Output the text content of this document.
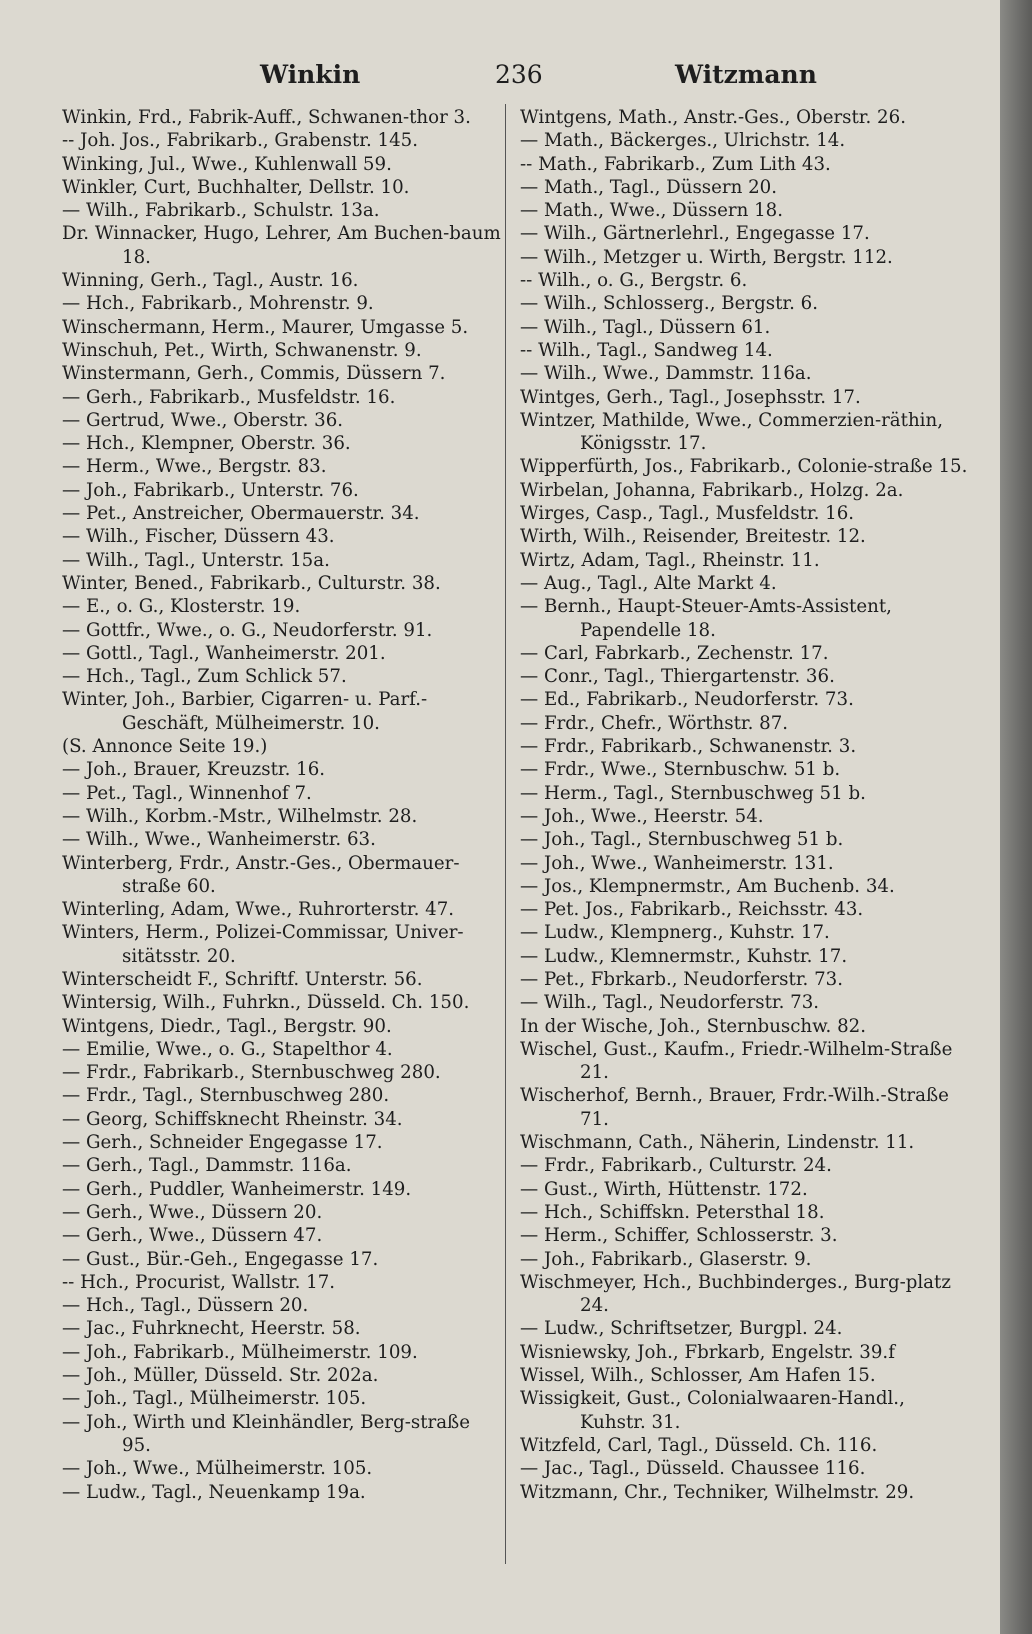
Winkin	236	Witzmann
Winkin, Frd., Fabrik-Auff., Schwanen-thor 3.
-- Joh. Jos., Fabrikarb., Grabenstr. 145.
Winking, Jul., Wwe., Kuhlenwall 59.
Winkler, Curt, Buchhalter, Dellstr. 10.
— Wilh., Fabrikarb., Schulstr. 13a.
Dr. Winnacker, Hugo, Lehrer, Am Buchen-baum 18.
Winning, Gerh., Tagl., Austr. 16.
— Hch., Fabrikarb., Mohrenstr. 9.
Winschermann, Herm., Maurer, Umgasse 5.
Winschuh, Pet., Wirth, Schwanenstr. 9.
Winstermann, Gerh., Commis, Düssern 7.
— Gerh., Fabrikarb., Musfeldstr. 16.
— Gertrud, Wwe., Oberstr. 36.
— Hch., Klempner, Oberstr. 36.
— Herm., Wwe., Bergstr. 83.
— Joh., Fabrikarb., Unterstr. 76.
— Pet., Anstreicher, Obermauerstr. 34.
— Wilh., Fischer, Düssern 43.
— Wilh., Tagl., Unterstr. 15a.
Winter, Bened., Fabrikarb., Culturstr. 38.
— E., o. G., Klosterstr. 19.
— Gottfr., Wwe., o. G., Neudorferstr. 91.
— Gottl., Tagl., Wanheimerstr. 201.
— Hch., Tagl., Zum Schlick 57.
Winter, Joh., Barbier, Cigarren- u. Parf.-Geschäft, Mülheimerstr. 10.
(S. Annonce Seite 19.)
— Joh., Brauer, Kreuzstr. 16.
— Pet., Tagl., Winnenhof 7.
— Wilh., Korbm.-Mstr., Wilhelmstr. 28.
— Wilh., Wwe., Wanheimerstr. 63.
Winterberg, Frdr., Anstr.-Ges., Obermauer-straße 60.
Winterling, Adam, Wwe., Ruhrorterstr. 47.
Winters, Herm., Polizei-Commissar, Univer-sitätsstr. 20.
Winterscheidt F., Schriftf. Unterstr. 56.
Wintersig, Wilh., Fuhrkn., Düsseld. Ch. 150.
Wintgens, Diedr., Tagl., Bergstr. 90.
— Emilie, Wwe., o. G., Stapelthor 4.
— Frdr., Fabrikarb., Sternbuschweg 280.
— Frdr., Tagl., Sternbuschweg 280.
— Georg, Schiffsknecht Rheinstr. 34.
— Gerh., Schneider Engegasse 17.
— Gerh., Tagl., Dammstr. 116a.
— Gerh., Puddler, Wanheimerstr. 149.
— Gerh., Wwe., Düssern 20.
— Gerh., Wwe., Düssern 47.
— Gust., Bür.-Geh., Engegasse 17.
-- Hch., Procurist, Wallstr. 17.
— Hch., Tagl., Düssern 20.
— Jac., Fuhrknecht, Heerstr. 58.
— Joh., Fabrikarb., Mülheimerstr. 109.
— Joh., Müller, Düsseld. Str. 202a.
— Joh., Tagl., Mülheimerstr. 105.
— Joh., Wirth und Kleinhändler, Berg-straße 95.
— Joh., Wwe., Mülheimerstr. 105.
— Ludw., Tagl., Neuenkamp 19a.
Wintgens, Math., Anstr.-Ges., Oberstr. 26.
— Math., Bäckerges., Ulrichstr. 14.
-- Math., Fabrikarb., Zum Lith 43.
— Math., Tagl., Düssern 20.
— Math., Wwe., Düssern 18.
— Wilh., Gärtnerlehrl., Engegasse 17.
— Wilh., Metzger u. Wirth, Bergstr. 112.
-- Wilh., o. G., Bergstr. 6.
— Wilh., Schlosserg., Bergstr. 6.
— Wilh., Tagl., Düssern 61.
-- Wilh., Tagl., Sandweg 14.
— Wilh., Wwe., Dammstr. 116a.
Wintges, Gerh., Tagl., Josephsstr. 17.
Wintzer, Mathilde, Wwe., Commerzien-räthin, Königsstr. 17.
Wipperfürth, Jos., Fabrikarb., Colonie-straße 15.
Wirbelan, Johanna, Fabrikarb., Holzg. 2a.
Wirges, Casp., Tagl., Musfeldstr. 16.
Wirth, Wilh., Reisender, Breitestr. 12.
Wirtz, Adam, Tagl., Rheinstr. 11.
— Aug., Tagl., Alte Markt 4.
— Bernh., Haupt-Steuer-Amts-Assistent, Papendelle 18.
— Carl, Fabrkarb., Zechenstr. 17.
— Conr., Tagl., Thiergartenstr. 36.
— Ed., Fabrikarb., Neudorferstr. 73.
— Frdr., Chefr., Wörthstr. 87.
— Frdr., Fabrikarb., Schwanenstr. 3.
— Frdr., Wwe., Sternbuschw. 51 b.
— Herm., Tagl., Sternbuschweg 51 b.
— Joh., Wwe., Heerstr. 54.
— Joh., Tagl., Sternbuschweg 51 b.
— Joh., Wwe., Wanheimerstr. 131.
— Jos., Klempnermstr., Am Buchenb. 34.
— Pet. Jos., Fabrikarb., Reichsstr. 43.
— Ludw., Klempnerg., Kuhstr. 17.
— Ludw., Klemnermstr., Kuhstr. 17.
— Pet., Fbrkarb., Neudorferstr. 73.
— Wilh., Tagl., Neudorferstr. 73.
In der Wische, Joh., Sternbuschw. 82.
Wischel, Gust., Kaufm., Friedr.-Wilhelm-Straße 21.
Wischerhof, Bernh., Brauer, Frdr.-Wilh.-Straße 71.
Wischmann, Cath., Näherin, Lindenstr. 11.
— Frdr., Fabrikarb., Culturstr. 24.
— Gust., Wirth, Hüttenstr. 172.
— Hch., Schiffskn. Petersthal 18.
— Herm., Schiffer, Schlosserstr. 3.
— Joh., Fabrikarb., Glaserstr. 9.
Wischmeyer, Hch., Buchbinderges., Burg-platz 24.
— Ludw., Schriftsetzer, Burgpl. 24.
Wisniewsky, Joh., Fbrkarb, Engelstr. 39.f
Wissel, Wilh., Schlosser, Am Hafen 15.
Wissigkeit, Gust., Colonialwaaren-Handl., Kuhstr. 31.
Witzfeld, Carl, Tagl., Düsseld. Ch. 116.
— Jac., Tagl., Düsseld. Chaussee 116.
Witzmann, Chr., Techniker, Wilhelmstr. 29.
